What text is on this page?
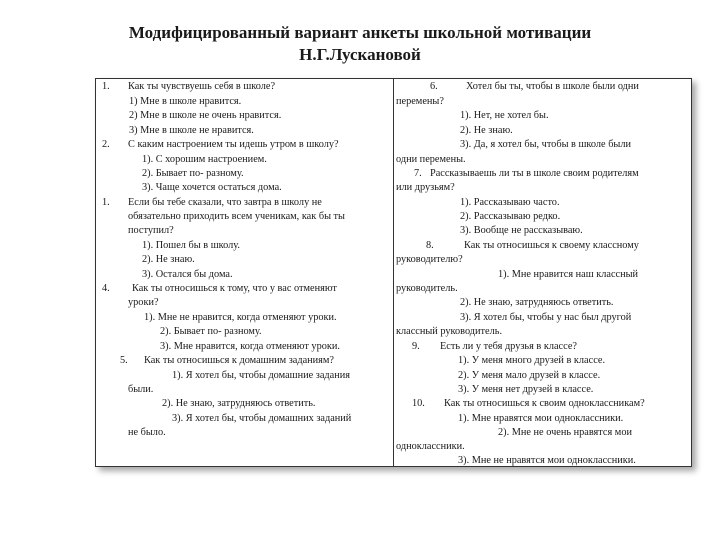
Модифицированный вариант анкеты школьной мотивации
Н.Г.Лускановой
1. Как ты чувствуешь себя в школе?
1) Мне в школе нравится.
2) Мне в школе не очень нравится.
3) Мне в школе не нравится.
2. С каким настроением ты идешь утром в школу?
1). С хорошим настроением.
2). Бывает по- разному.
3). Чаще хочется остаться дома.
1. Если бы тебе сказали, что завтра в школу не
обязательно приходить всем ученикам, как бы ты
поступил?
1). Пошел бы в школу.
2). Не знаю.
3). Остался бы дома.
4. Как ты относишься к тому, что у вас отменяют
уроки?
1). Мне не нравится, когда отменяют уроки.
2). Бывает по- разному.
3). Мне нравится, когда отменяют уроки.
5. Как ты относишься к домашним заданиям?
1). Я хотел бы, чтобы домашние задания
были.
2). Не знаю, затрудняюсь ответить.
3). Я хотел бы, чтобы домашних заданий
не было.
6.	Хотел бы ты, чтобы в школе были одни
перемены?
1). Нет, не хотел бы.
2). Не знаю.
3). Да, я хотел бы, чтобы в школе были
одни перемены.
7. Рассказываешь ли ты в школе своим родителям
или друзьям?
1). Рассказываю часто.
2). Рассказываю редко.
3). Вообще не рассказываю.
8.	Как ты относишься к своему классному
руководителю?
1). Мне нравится наш классный
руководитель.
2). Не знаю, затрудняюсь ответить.
3). Я хотел бы, чтобы у нас был другой
классный руководитель.
9. Есть ли у тебя друзья в классе?
1). У меня много друзей в классе.
2). У меня мало друзей в классе.
3). У меня нет друзей в классе.
10. Как ты относишься к своим одноклассникам?
1). Мне нравятся мои одноклассники.
2). Мне не очень нравятся мои
одноклассники.
3). Мне не нравятся мои одноклассники.
